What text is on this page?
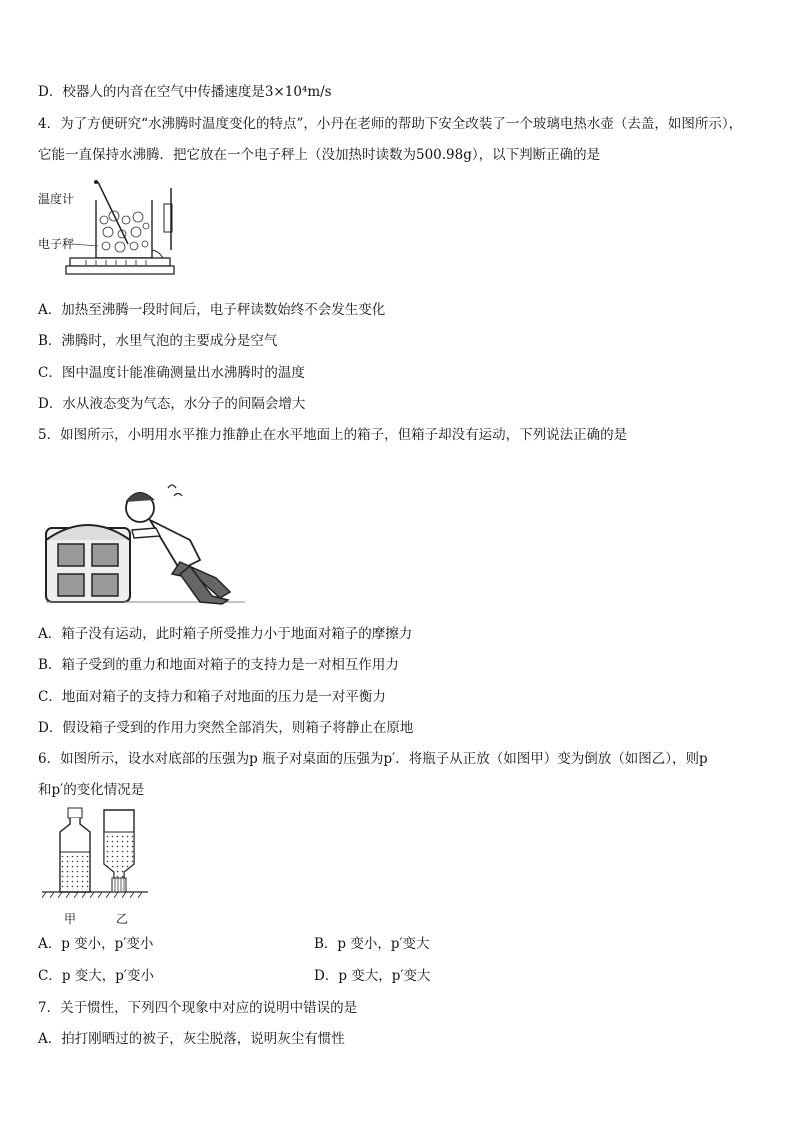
D．校器人的内音在空气中传播速度是3×10⁴m/s
4．为了方便研究“水沸腾时温度变化的特点”，小丹在老师的帮助下安全改装了一个玻璃电热水壶（去盖，如图所示），
它能一直保持水沸腾．把它放在一个电子秤上（没加热时读数为500.98g），以下判断正确的是
温度计
电子秤
A．加热至沸腾一段时间后，电子秤读数始终不会发生变化
B．沸腾时，水里气泡的主要成分是空气
C．图中温度计能准确测量出水沸腾时的温度
D．水从液态变为气态，水分子的间隔会增大
5．如图所示，小明用水平推力推静止在水平地面上的箱子，但箱子却没有运动，下列说法正确的是
A．箱子没有运动，此时箱子所受推力小于地面对箱子的摩擦力
B．箱子受到的重力和地面对箱子的支持力是一对相互作用力
C．地面对箱子的支持力和箱子对地面的压力是一对平衡力
D．假设箱子受到的作用力突然全部消失，则箱子将静止在原地
6．如图所示，设水对底部的压强为p 瓶子对桌面的压强为p′．将瓶子从正放（如图甲）变为倒放（如图乙），则p
和p′的变化情况是
甲	乙
A．p 变小，p′变小	B．p 变小，p′变大
C．p 变大，p′变小	D．p 变大，p′变大
7．关于惯性，下列四个现象中对应的说明中错误的是
A．拍打刚晒过的被子，灰尘脱落，说明灰尘有惯性
